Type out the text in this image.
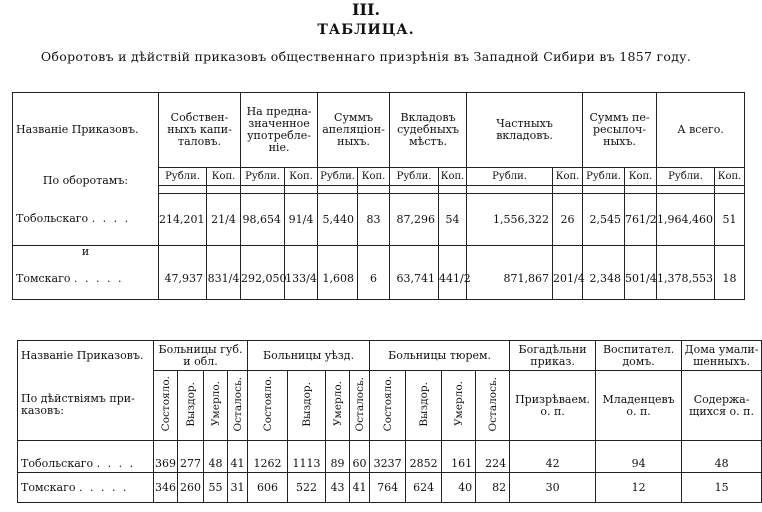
III.
ТАБЛИЦА.
Оборотовъ и дѣйствій приказовъ общественнаго призрѣнія въ Западной Сибири въ 1857 году.
Названіе Приказовъ.	Собствен-ныхъ капи-таловъ.		На предна-значенное употребле-ніе.		Суммъ апеляціон-ныхъ.		Вкладовъ судебныхъ мѣстъ.		Частныхъ вкладовъ.		Суммъ пе-ресылоч-ныхъ.		А всего.	
По оборотамъ:	Рубли.	Коп.	Рубли.	Коп.	Рубли.	Коп.	Рубли.	Коп.	Рубли.	Коп.	Рубли.	Коп.	Рубли.	Коп.

Тобольскаго . . . .	214,201	21/4	98,654	91/4	5,440	83	87,296	54	1,556,322	26	2,545	761/2	1,964,460	51

и
Томскаго . . . . .	47,937	831/4	292,050	133/4	1,608	6	63,741	441/2	871,867	201/4	2,348	501/4	1,378,553	18
Названіе Приказовъ.	Больницы губ. и обл.				Больницы уѣзд.				Больницы тюрем.				Богадѣльни приказ.	Воспитател. домъ.	Дома умали-шенныхъ.
По дѣйствіямъ при-казовъ:	Состояло.	Выздор.	Умерло.	Осталось.	Состояло.	Выздор.	Умерло.	Осталось.	Состояло.	Выздор.	Умерло.	Осталось.	Призрѣваем. о. п.	Младенцевъ о. п.	Содержа-щихся о. п.
Тобольскаго . . . .	369	277	48	41	1262	1113	89	60	3237	2852	161	224	42	94	48
Томскаго . . . . .	346	260	55	31	606	522	43	41	764	624	40	82	30	12	15
